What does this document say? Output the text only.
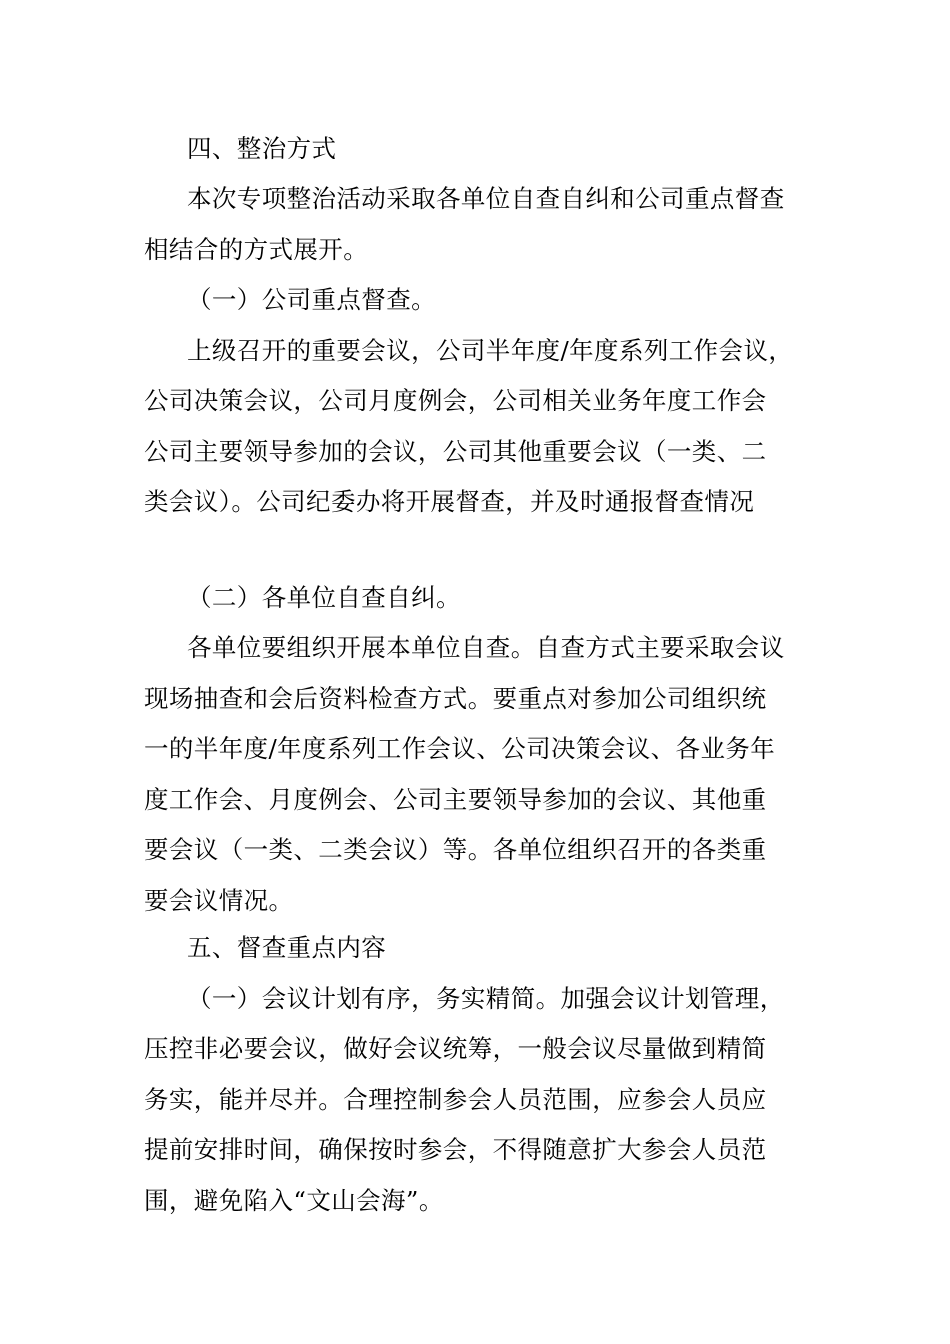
四、整治方式
本次专项整治活动采取各单位自查自纠和公司重点督查
相结合的方式展开。
（一）公司重点督查。
上级召开的重要会议，公司半年度/年度系列工作会议，
公司决策会议，公司月度例会，公司相关业务年度工作会
公司主要领导参加的会议，公司其他重要会议（一类、二
类会议）。公司纪委办将开展督查，并及时通报督查情况
（二）各单位自查自纠。
各单位要组织开展本单位自查。自查方式主要采取会议
现场抽查和会后资料检查方式。要重点对参加公司组织统
一的半年度/年度系列工作会议、公司决策会议、各业务年
度工作会、月度例会、公司主要领导参加的会议、其他重
要会议（一类、二类会议）等。各单位组织召开的各类重
要会议情况。
五、督查重点内容
（一）会议计划有序，务实精简。加强会议计划管理，
压控非必要会议，做好会议统筹，一般会议尽量做到精简
务实，能并尽并。合理控制参会人员范围，应参会人员应
提前安排时间，确保按时参会，不得随意扩大参会人员范
围，避免陷入“文山会海”。
